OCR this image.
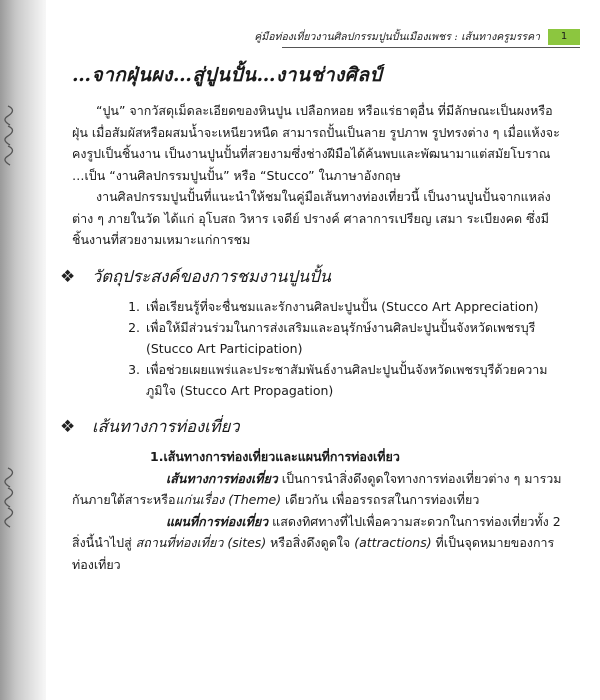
คู่มือท่องเที่ยวงานศิลปกรรมปูนปั้นเมืองเพชร : เส้นทางครูมรรคา	1
…จากฝุ่นผง…สู่ปูนปั้น…งานช่างศิลป์

“ปูน” จากวัสดุเม็ดละเอียดของหินปูน เปลือกหอย หรือแร่ธาตุอื่น ที่มีลักษณะเป็นผงหรือฝุ่น เมื่อสัมผัสหรือผสมน้ำจะเหนียวหนืด สามารถปั้นเป็นลาย รูปภาพ รูปทรงต่าง ๆ เมื่อแห้งจะคงรูปเป็นชิ้นงาน เป็นงานปูนปั้นที่สวยงามซึ่งช่างฝีมือได้ค้นพบและพัฒนามาแต่สมัยโบราณ

…เป็น “งานศิลปกรรมปูนปั้น” หรือ “Stucco” ในภาษาอังกฤษ

งานศิลปกรรมปูนปั้นที่แนะนำให้ชมในคู่มือเส้นทางท่องเที่ยวนี้ เป็นงานปูนปั้นจากแหล่งต่าง ๆ ภายในวัด ได้แก่ อุโบสถ วิหาร เจดีย์ ปรางค์ ศาลาการเปรียญ เสมา ระเบียงคด ซึ่งมีชิ้นงานที่สวยงามเหมาะแก่การชม

❖	วัตถุประสงค์ของการชมงานปูนปั้น
1. เพื่อเรียนรู้ที่จะชื่นชมและรักงานศิลปะปูนปั้น (Stucco Art Appreciation)
2. เพื่อให้มีส่วนร่วมในการส่งเสริมและอนุรักษ์งานศิลปะปูนปั้นจังหวัดเพชรบุรี (Stucco Art Participation)
3. เพื่อช่วยเผยแพร่และประชาสัมพันธ์งานศิลปะปูนปั้นจังหวัดเพชรบุรีด้วยความภูมิใจ (Stucco Art Propagation)
❖	เส้นทางการท่องเที่ยว
1.เส้นทางการท่องเที่ยวและแผนที่การท่องเที่ยว

เส้นทางการท่องเที่ยว เป็นการนำสิ่งดึงดูดใจทางการท่องเที่ยวต่าง ๆ มารวมกันภายใต้สาระหรือแก่นเรื่อง (Theme) เดียวกัน เพื่ออรรถรสในการท่องเที่ยว

แผนที่การท่องเที่ยว แสดงทิศทางที่ไปเพื่อความสะดวกในการท่องเที่ยวทั้ง 2 สิ่งนี้นำไปสู่ สถานที่ท่องเที่ยว (sites) หรือสิ่งดึงดูดใจ (attractions) ที่เป็นจุดหมายของการท่องเที่ยว
